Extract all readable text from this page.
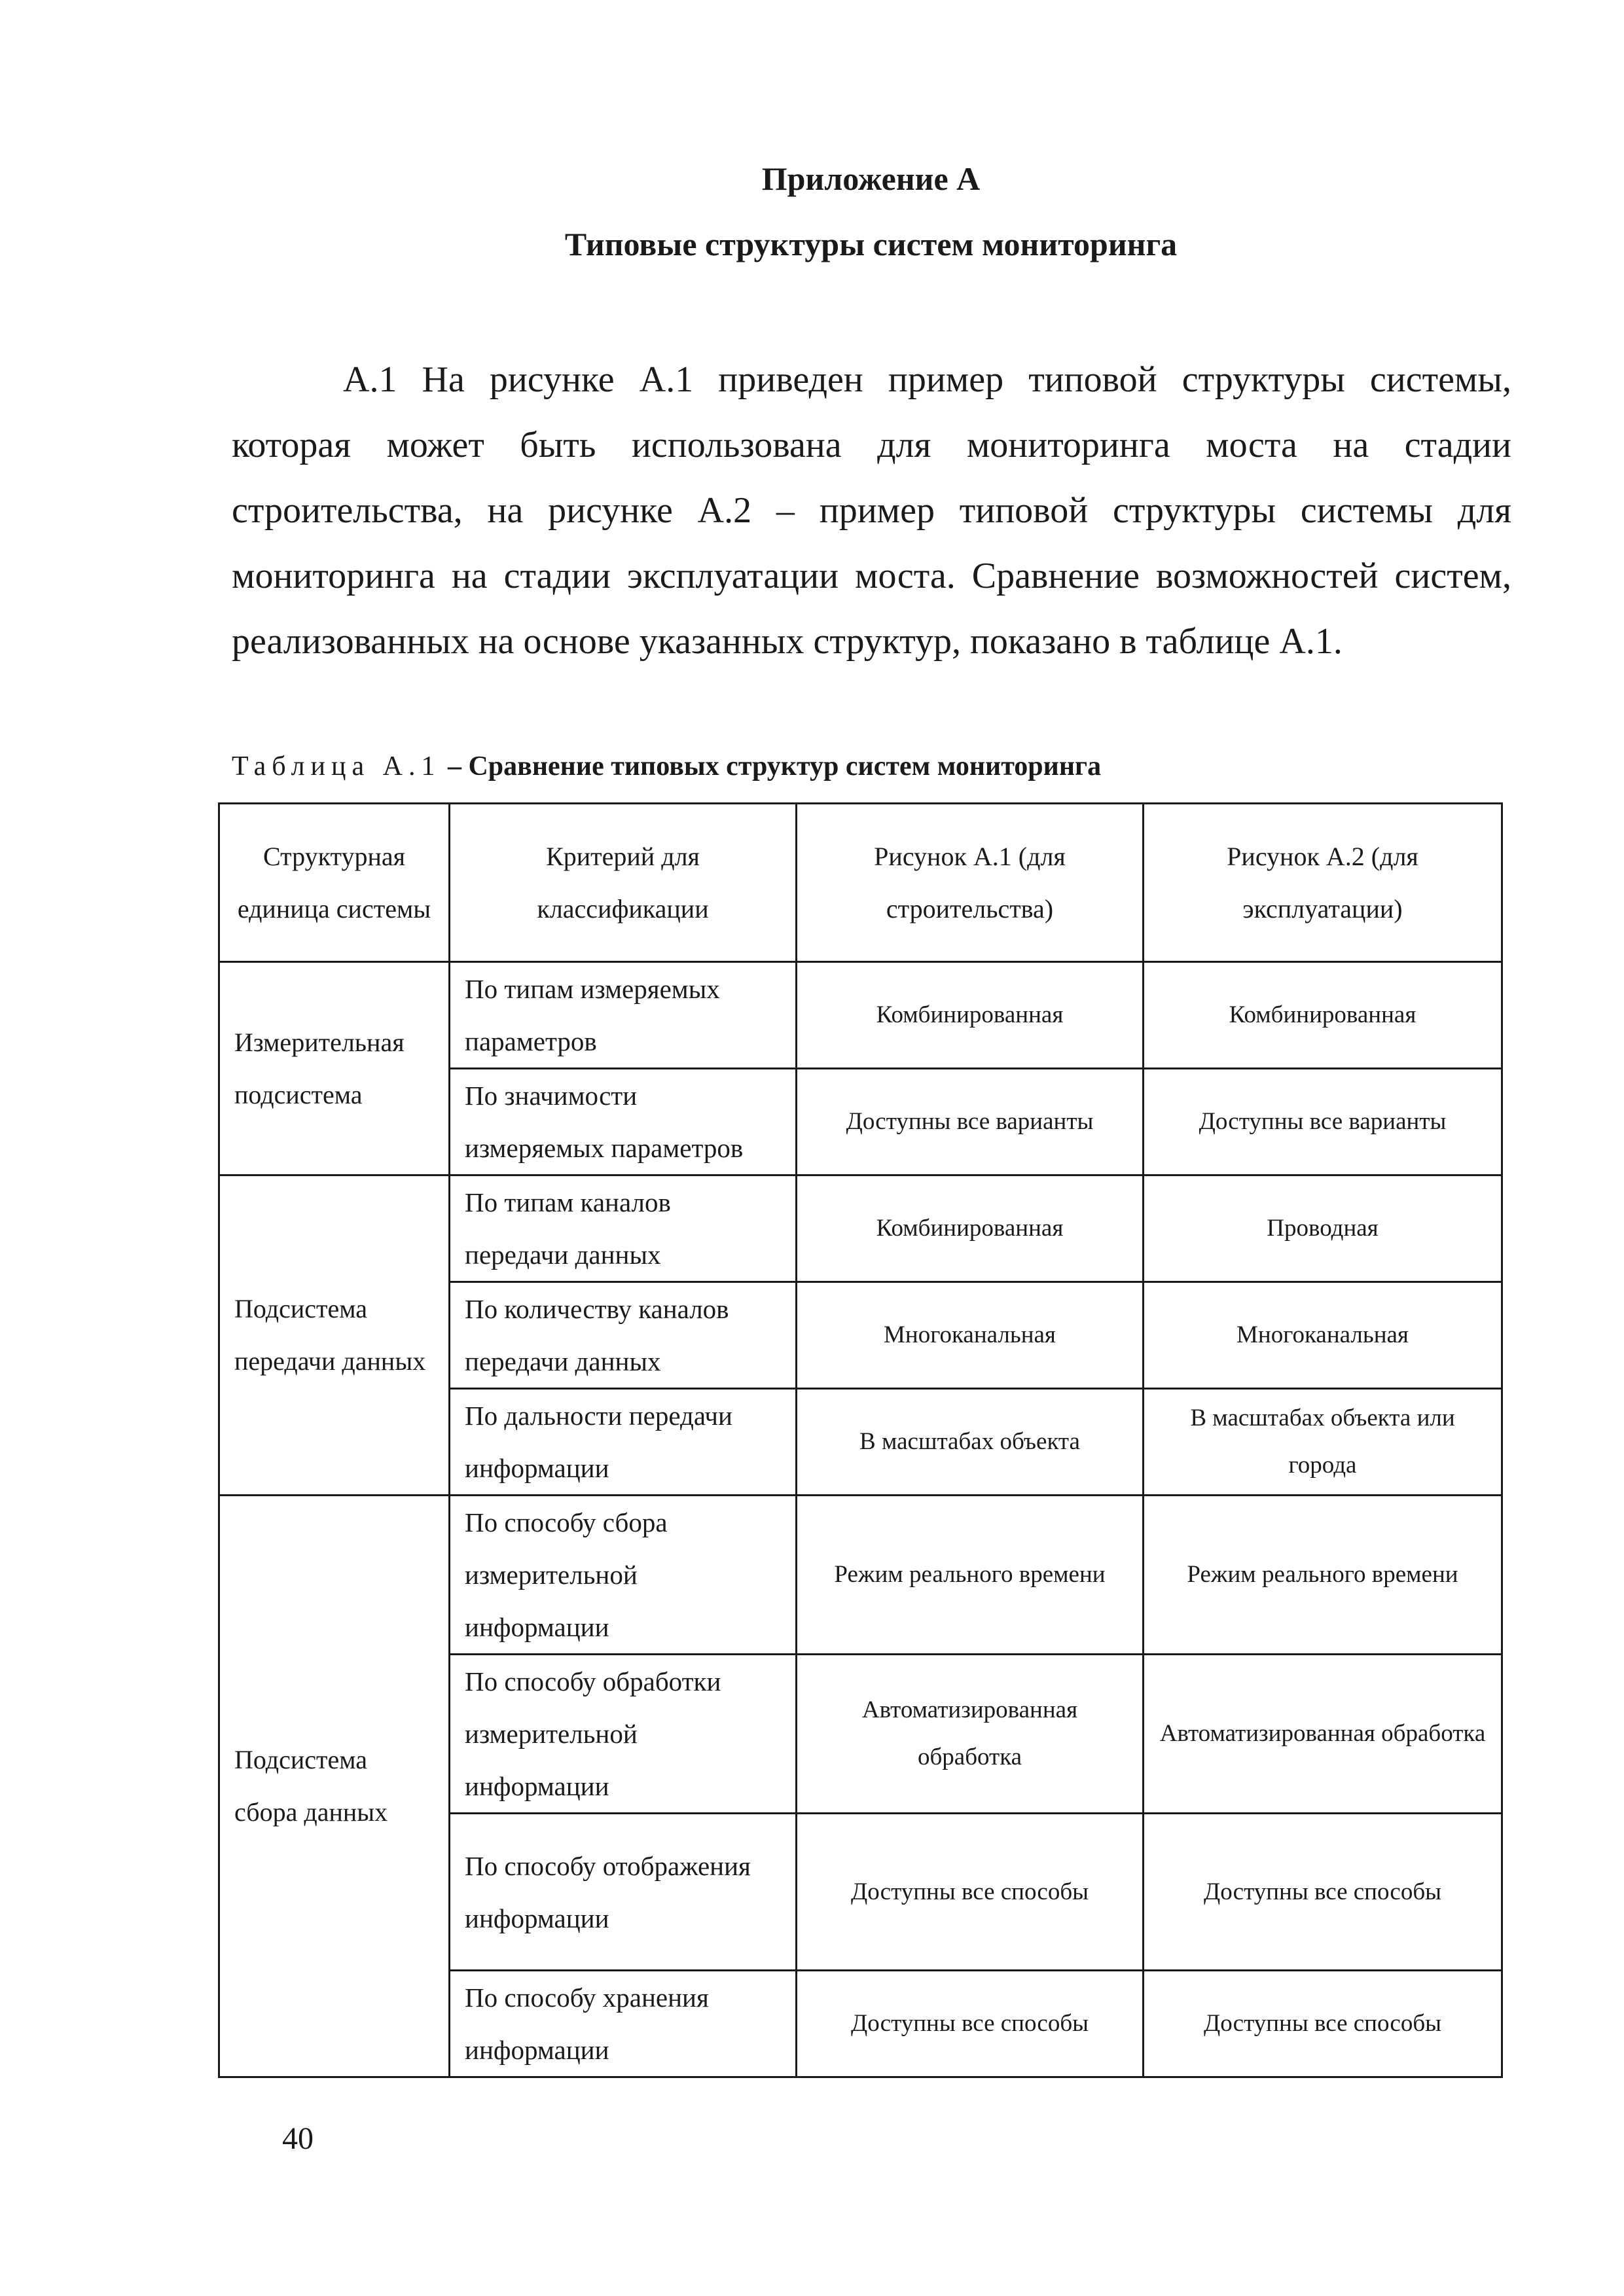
Приложение А
Типовые структуры систем мониторинга

А.1 На рисунке А.1 приведен пример типовой структуры системы, которая может быть использована для мониторинга моста на стадии строительства, на рисунке А.2 – пример типовой структуры системы для мониторинга на стадии эксплуатации моста. Сравнение возможностей систем, реализованных на основе указанных структур, показано в таблице А.1.

Таблица А.1 – Сравнение типовых структур систем мониторинга
Структурная единица системы	Критерий для классификации	Рисунок А.1 (для строительства)	Рисунок А.2 (для эксплуатации)
Измерительная подсистема	По типам измеряемых параметров	Комбинированная	Комбинированная
	По значимости измеряемых параметров	Доступны все варианты	Доступны все варианты
Подсистема передачи данных	По типам каналов передачи данных	Комбинированная	Проводная
	По количеству каналов передачи данных	Многоканальная	Многоканальная
	По дальности передачи информации	В масштабах объекта	В масштабах объекта или города
Подсистема сбора данных	По способу сбора измерительной информации	Режим реального времени	Режим реального времени
	По способу обработки измерительной информации	Автоматизированная обработка	Автоматизированная обработка
	По способу отображения информации	Доступны все способы	Доступны все способы
	По способу хранения информации	Доступны все способы	Доступны все способы
40
